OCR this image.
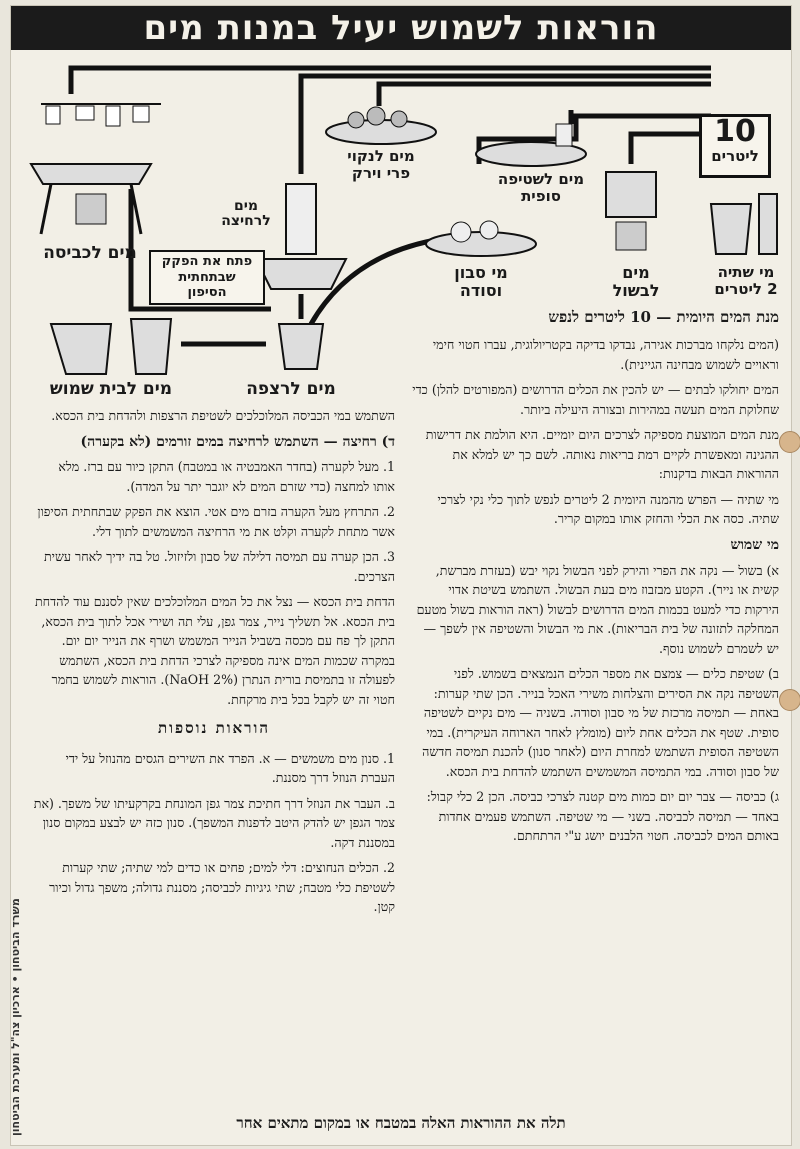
הוראות לשמוש יעיל במנות מים
10
ליטרים
מים לכביסה
מים לנקוי
פרי וירק
מים
לרחיצה
מים לשטיפה
סופית
מי סבון
וסודה
מים
לבשול
מי שתיה
2 ליטרים
מים לבית שמוש	מים לרצפה
פתח את הפקק
שבתחתית
הסיפון

מנת המים היומית — 10 ליטרים לנפש

(המים נלקחו מברכות אגירה, נבדקו בדיקה בקטריולוגית, עברו חטוי חימי וראויים לשמוש מבחינה הגיינית).

המים יחולקו לבתים — יש להכין את הכלים הדרושים (המפורטים להלן) כדי שחלוקת המים תעשה במהירות ובצורה היעילה ביותר.

מנת המים המוצעת מספיקה לצרכים היום יומיים. היא הולמת את דרישות ההגינה ומאפשרת לקיים רמת בריאות נאותה. לשם כך יש למלא את ההוראות הבאות בדקנות:

מי שתיה — הפרש מהמנה היומית 2 ליטרים לנפש לתוך כלי נקי לצרכי שתיה. כסה את הכלי והחזק אותו במקום קריר.

מי שמוש

א) בשול — נקה את הפרי והירק לפני הבשול נקוי יבש (בעזרת מברשת, קשית או נייר). הקטע מבזבוז מים בעת הבשול. השתמש בשיטת אדוי הירקות כדי למעט בכמות המים הדרושים לבשול (ראה הוראות בשול מטעם המחלקה לתזונה של בית הבריאות). את מי הבשול והשטיפה אין לשפך — יש לשמרם לשמוש נוסף.

ב) שטיפת כלים — צמצם את מספר הכלים הנמצאים בשמוש. לפני השטיפה נקה את הסירים והצלחות משירי האכל בנייר. הכן שתי קערות: באחת — תמיסה מרכזת של מי סבון וסודה. בשניה — מים נקיים לשטיפה סופית. שטף את הכלים אחת ליום (מומלץ לאחר הארוחה העיקרית). במי השטיפה הסופית השתמש למחרת היום (לאחר סנון) להכנת תמיסה חדשה של סבון וסודה. במי התמיסה המשמשים השתמש להדחת בית הכסא.

ג) כביסה — צבר יום יום כמות מים קטנה לצרכי כביסה. הכן 2 כלי קבול: באחד — תמיסה לכביסה. בשני — מי שטיפה. השתמש פעמים אחדות באותם המים לכביסה. חטוי הלבנים יושג ע"י הרתחתם.

השתמש במי הכביסה המלוכלכים לשטיפת הרצפות ולהדחת בית הכסא.

ד) רחיצה — השתמש לרחיצה במים זורמים (לא בקערה)

1. מעל לקערה (בחדר האמבטיה או במטבח) התקן כיור עם ברז. מלא אותו למחצה (כדי שזרם המים לא יוגבר יתר על המדה).

2. התרחץ מעל הקערה בזרם מים אטי. הוצא את הפקק שבתחתית הסיפון אשר מתחת לקערה וקלט את מי הרחיצה המשמשים לתוך דלי.

3. הכן קערה עם תמיסה דלילה של סבון ולזיזול. טל בה ידיך לאחר עשית הצרכים.

הדחת בית הכסא — נצל את כל המים המלוכלכים שאין לסננם עוד להדחת בית הכסא. אל תשליך נייר, צמר גפן, עלי תה ושירי אכל לתוך בית הכסא, התקן לך פח עם מכסה בשביל הנייר המשמש ושרף את הנייר יום יום. במקרה שכמות המים אינה מספיקה לצרכי הדחת בית הכסא, השתמש לפעולה זו בתמיסת בורית הנתרן (2% NaOH). הוראות לשמוש בחמר חטוי זה יש לקבל בכל בית מרקחת.

הוראות נוספות

1. סנון מים משמשים — א. הפרד את השירים הגסים מהנוזל על ידי העברת הנוזל דרך מסננת.

ב. העבר את הנוזל דרך חתיכת צמר גפן המונחת בקרקעיתו של משפך. (את צמר הגפן יש להדק היטב לדפנות המשפך). סנון כזה יש לבצע במקום סנון במסננת דקה.

2. הכלים הנחוצים: דלי למים; פחים או כדים למי שתיה; שתי קערות לשטיפת כלי מטבח; שתי גיגיות לכביסה; מסננת גדולה; משפך גדול וכיור קטן.

תלה את ההוראות האלה במטבח או במקום מתאים אחר
משרד הביטחון • ארכיון צה"ל ומערכת הביטחון
